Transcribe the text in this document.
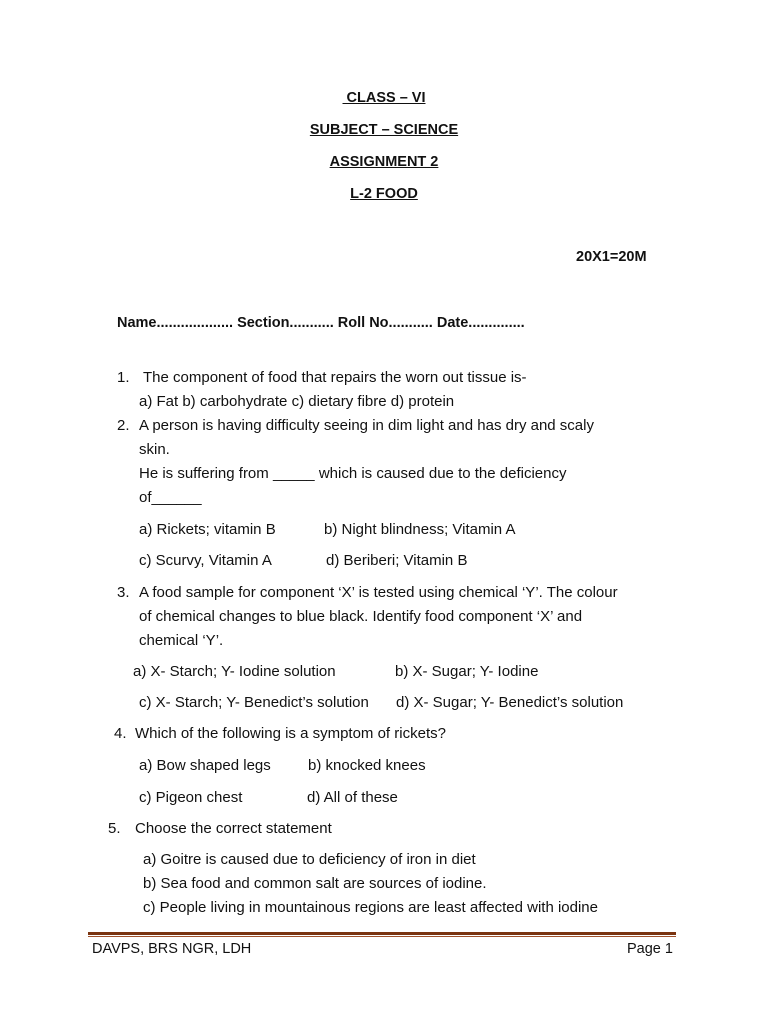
CLASS – VI
SUBJECT – SCIENCE
ASSIGNMENT 2
L-2 FOOD
20X1=20M
Name................... Section........... Roll No........... Date..............
1. The component of food that repairs the worn out tissue is-
a) Fat b) carbohydrate c) dietary fibre d) protein
2. A person is having difficulty seeing in dim light and has dry and scaly
skin.
He is suffering from _____ which is caused due to the deficiency
of______
a) Rickets; vitamin B	b) Night blindness; Vitamin A
c) Scurvy, Vitamin A	d) Beriberi; Vitamin B
3. A food sample for component ‘X’ is tested using chemical ‘Y’. The colour
of chemical changes to blue black. Identify food component ‘X’ and
chemical ‘Y’.
a) X- Starch; Y- Iodine solution	b) X- Sugar; Y- Iodine
c) X- Starch; Y- Benedict’s solution d) X- Sugar; Y- Benedict’s solution
4. Which of the following is a symptom of rickets?
a) Bow shaped legs b) knocked knees
c) Pigeon chest	d) All of these
5. Choose the correct statement
a) Goitre is caused due to deficiency of iron in diet
b) Sea food and common salt are sources of iodine.
c) People living in mountainous regions are least affected with iodine
DAVPS, BRS NGR, LDH	Page 1
